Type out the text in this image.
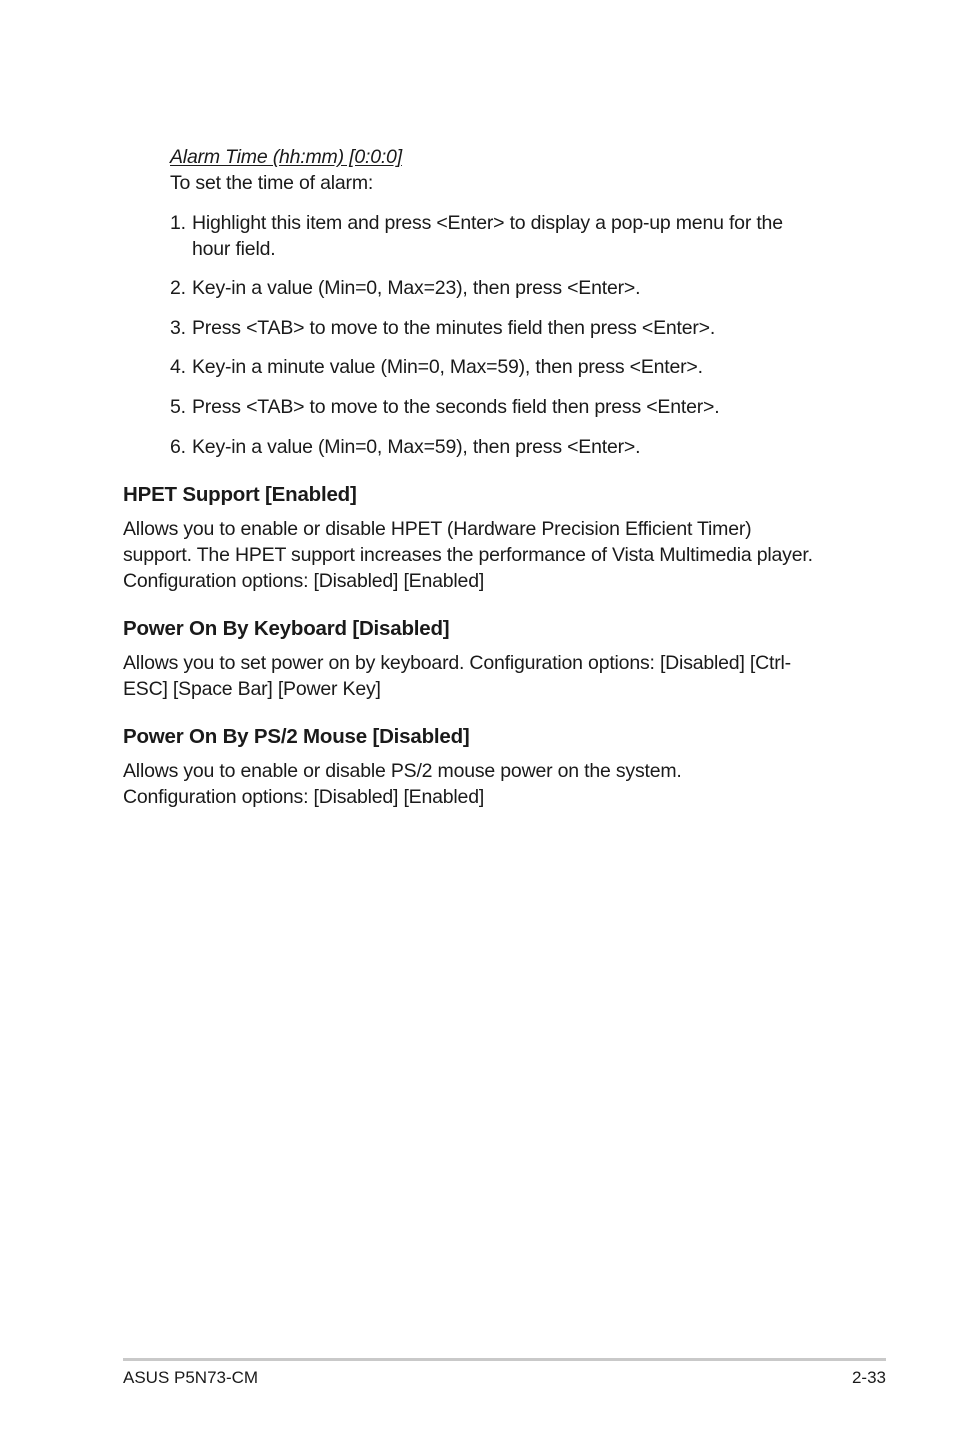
Alarm Time (hh:mm) [0:0:0]
To set the time of alarm:
1. Highlight this item and press <Enter> to display a pop-up menu for the
hour field.
2. Key-in a value (Min=0, Max=23), then press <Enter>.
3. Press <TAB> to move to the minutes field then press <Enter>.
4. Key-in a minute value (Min=0, Max=59), then press <Enter>.
5. Press <TAB> to move to the seconds field then press <Enter>.
6. Key-in a value (Min=0, Max=59), then press <Enter>.
HPET Support [Enabled]
Allows you to enable or disable HPET (Hardware Precision Efficient Timer)
support. The HPET support increases the performance of Vista Multimedia player.
Configuration options: [Disabled] [Enabled]
Power On By Keyboard [Disabled]
Allows you to set power on by keyboard. Configuration options: [Disabled] [Ctrl-
ESC] [Space Bar] [Power Key]
Power On By PS/2 Mouse [Disabled]
Allows you to enable or disable PS/2 mouse power on the system.
Configuration options: [Disabled] [Enabled]
ASUS P5N73-CM	2-33
